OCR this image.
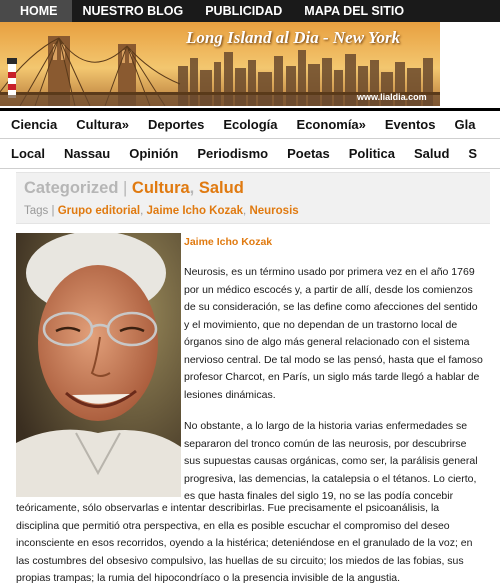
HOME	NUESTRO BLOG	PUBLICIDAD	MAPA DEL SITIO
Long Island al Dia - New York
www.lialdia.com
Ciencia	Cultura»	Deportes	Ecología	Economía»	Eventos	Gla
Local	Nassau	Opinión	Periodismo	Poetas	Politica	Salud	S
Categorized | Cultura, Salud
Tags | Grupo editorial, Jaime Icho Kozak, Neurosis
Jaime Icho Kozak
Neurosis, es un término usado por primera vez en el año 1769
por un médico escocés y, a partir de allí, desde los comienzos
de su consideración, se las define como afecciones del sentido
y el movimiento, que no dependan de un trastorno local de
órganos sino de algo más general relacionado con el sistema
nervioso central. De tal modo se las pensó, hasta que el famoso
profesor Charcot, en París, un siglo más tarde llegó a hablar de
lesiones dinámicas.
No obstante, a lo largo de la historia varias enfermedades se
separaron del tronco común de las neurosis, por descubrirse
sus supuestas causas orgánicas, como ser, la parálisis general
progresiva, las demencias, la catalepsia o el tétanos. Lo cierto,
es que hasta finales del siglo 19, no se las podía concebir
teóricamente, sólo observarlas e intentar describirlas. Fue precisamente el psicoanálisis, la
disciplina que permitió otra perspectiva, en ella es posible escuchar el compromiso del deseo
inconsciente en esos recorridos, oyendo a la histérica; deteniéndose en el granulado de la voz; en
las costumbres del obsesivo compulsivo, las huellas de su circuito; los miedos de las fobias, sus
propias trampas; la rumia del hipocondríaco o la presencia invisible de la angustia.
